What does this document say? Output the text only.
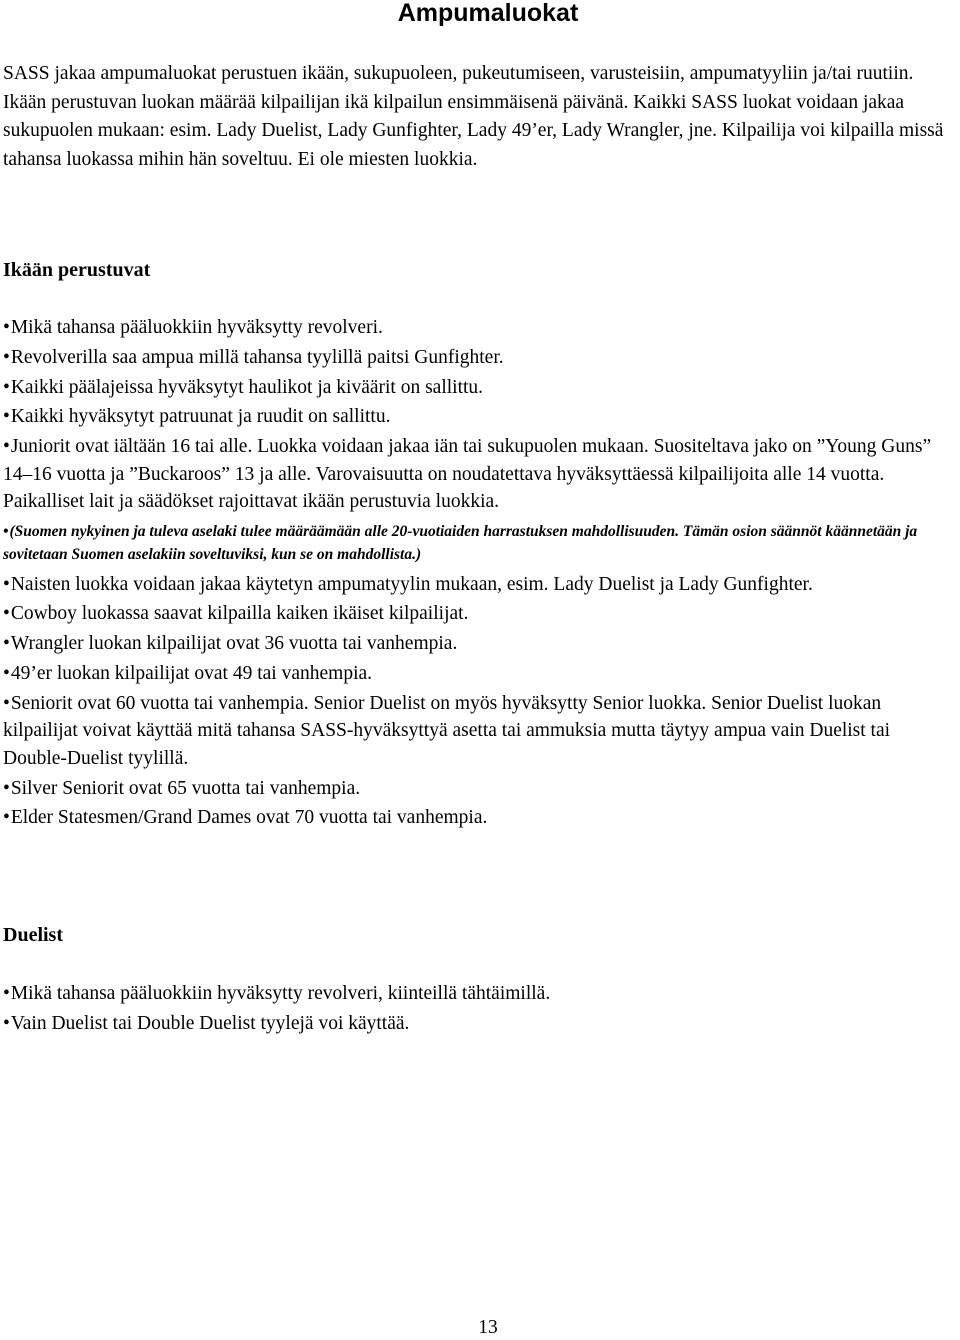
Ampumaluokat

SASS jakaa ampumaluokat perustuen ikään, sukupuoleen, pukeutumiseen, varusteisiin, ampumatyyliin ja/tai ruutiin. Ikään perustuvan luokan määrää kilpailijan ikä kilpailun ensimmäisenä päivänä. Kaikki SASS luokat voidaan jakaa sukupuolen mukaan: esim. Lady Duelist, Lady Gunfighter, Lady 49’er, Lady Wrangler, jne. Kilpailija voi kilpailla missä tahansa luokassa mihin hän soveltuu. Ei ole miesten luokkia.

Ikään perustuvat
•Mikä tahansa pääluokkiin hyväksytty revolveri.
•Revolverilla saa ampua millä tahansa tyylillä paitsi Gunfighter.
•Kaikki päälajeissa hyväksytyt haulikot ja kiväärit on sallittu.
•Kaikki hyväksytyt patruunat ja ruudit on sallittu.
•Juniorit ovat iältään 16 tai alle. Luokka voidaan jakaa iän tai sukupuolen mukaan. Suositeltava jako on ”Young Guns” 14–16 vuotta ja ”Buckaroos” 13 ja alle. Varovaisuutta on noudatettava hyväksyttäessä kilpailijoita alle 14 vuotta. Paikalliset lait ja säädökset rajoittavat ikään perustuvia luokkia.
•(Suomen nykyinen ja tuleva aselaki tulee määräämään alle 20-vuotiaiden harrastuksen mahdollisuuden. Tämän osion säännöt käännetään ja sovitetaan Suomen aselakiin soveltuviksi, kun se on mahdollista.)
•Naisten luokka voidaan jakaa käytetyn ampumatyylin mukaan, esim. Lady Duelist ja Lady Gunfighter.
•Cowboy luokassa saavat kilpailla kaiken ikäiset kilpailijat.
•Wrangler luokan kilpailijat ovat 36 vuotta tai vanhempia.
•49’er luokan kilpailijat ovat 49 tai vanhempia.
•Seniorit ovat 60 vuotta tai vanhempia. Senior Duelist on myös hyväksytty Senior luokka. Senior Duelist luokan kilpailijat voivat käyttää mitä tahansa SASS-hyväksyttyä asetta tai ammuksia mutta täytyy ampua vain Duelist tai Double-Duelist tyylillä.
•Silver Seniorit ovat 65 vuotta tai vanhempia.
•Elder Statesmen/Grand Dames ovat 70 vuotta tai vanhempia.
Duelist
•Mikä tahansa pääluokkiin hyväksytty revolveri, kiinteillä tähtäimillä.
•Vain Duelist tai Double Duelist tyylejä voi käyttää.
13
